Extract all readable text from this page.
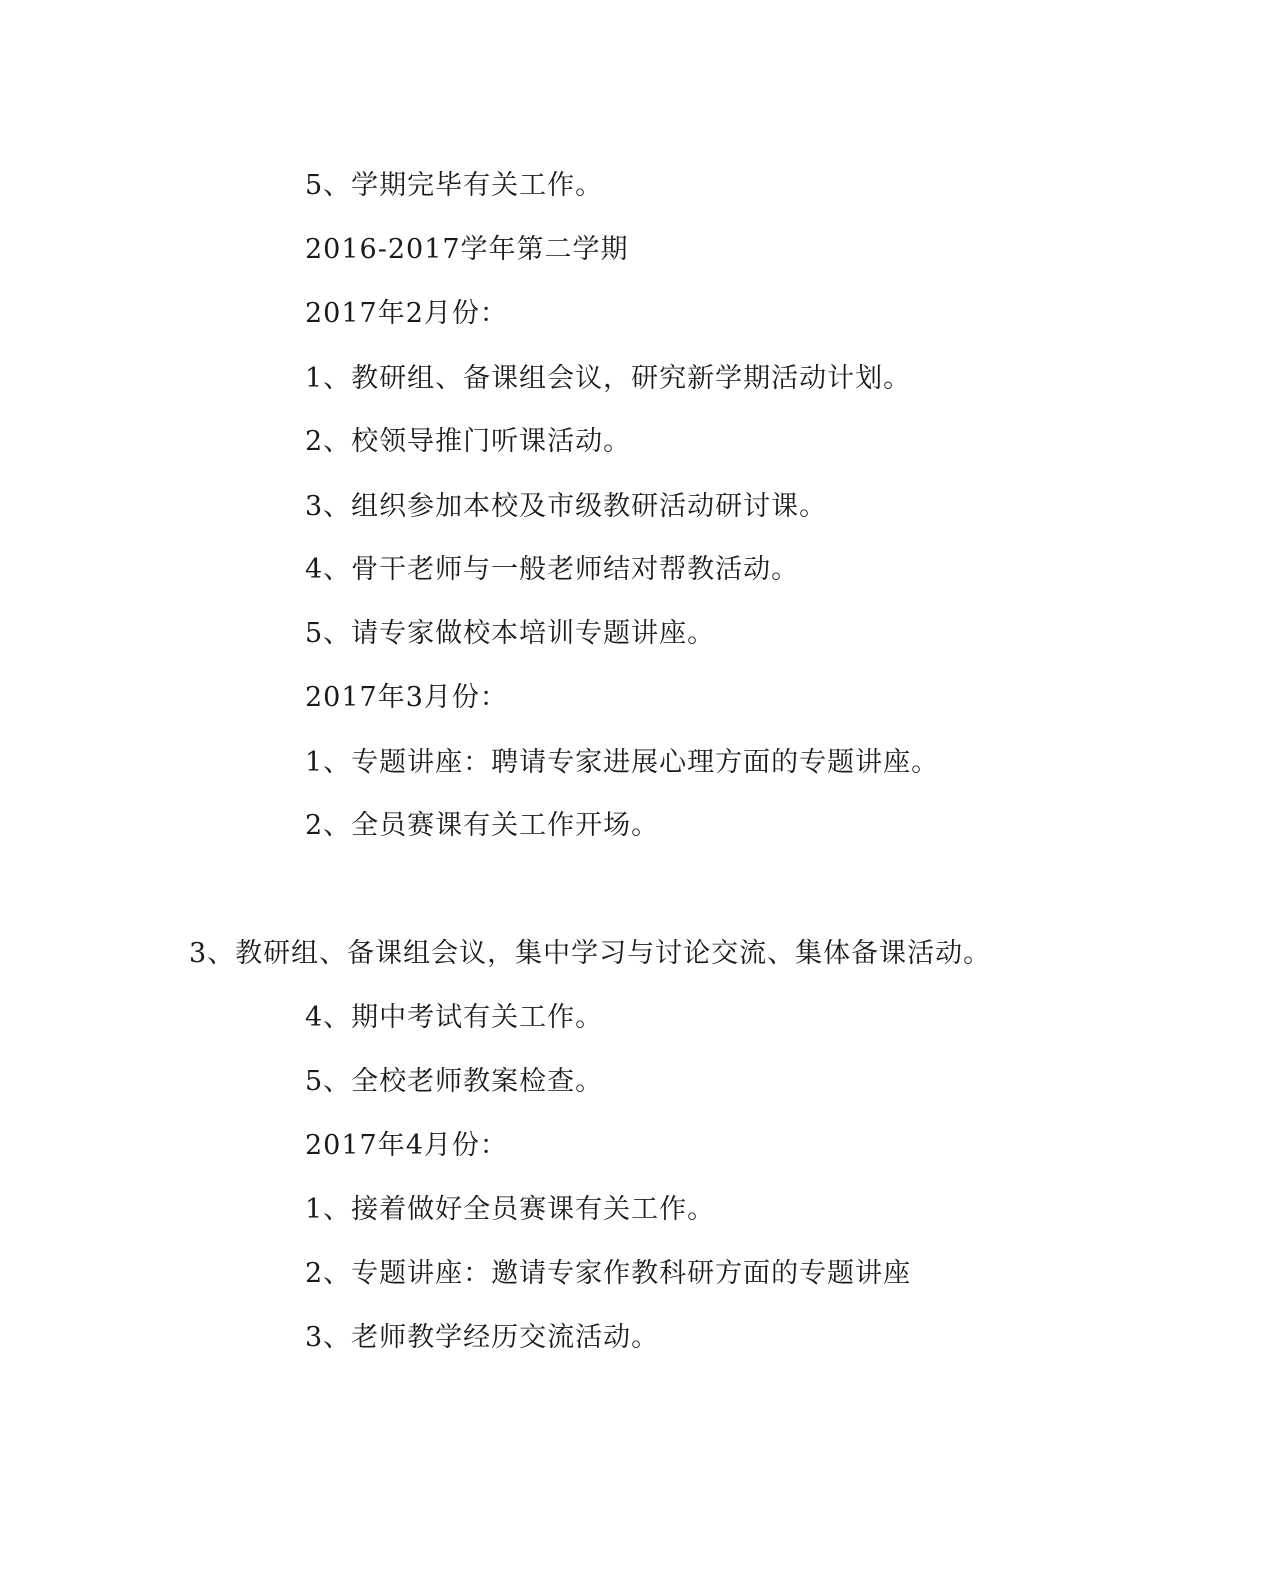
5、学期完毕有关工作。
2016-2017学年第二学期
2017年2月份：
1、教研组、备课组会议，研究新学期活动计划。
2、校领导推门听课活动。
3、组织参加本校及市级教研活动研讨课。
4、骨干老师与一般老师结对帮教活动。
5、请专家做校本培训专题讲座。
2017年3月份：
1、专题讲座：聘请专家进展心理方面的专题讲座。
2、全员赛课有关工作开场。
3、教研组、备课组会议，集中学习与讨论交流、集体备课活动。
4、期中考试有关工作。
5、全校老师教案检查。
2017年4月份：
1、接着做好全员赛课有关工作。
2、专题讲座：邀请专家作教科研方面的专题讲座
3、老师教学经历交流活动。
